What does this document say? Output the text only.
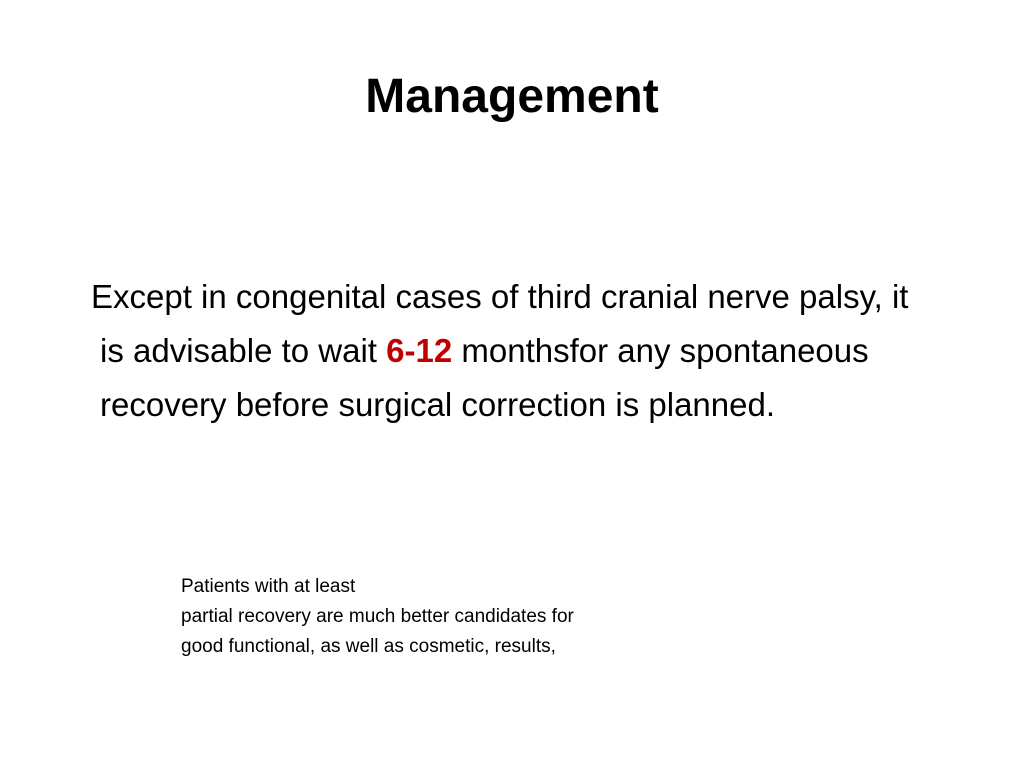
Management

Except in congenital cases of third cranial nerve palsy, it is advisable to wait 6-12 monthsfor any spontaneous recovery before surgical correction is planned.

Patients with at least
partial recovery are much better candidates for
good functional, as well as cosmetic, results,
